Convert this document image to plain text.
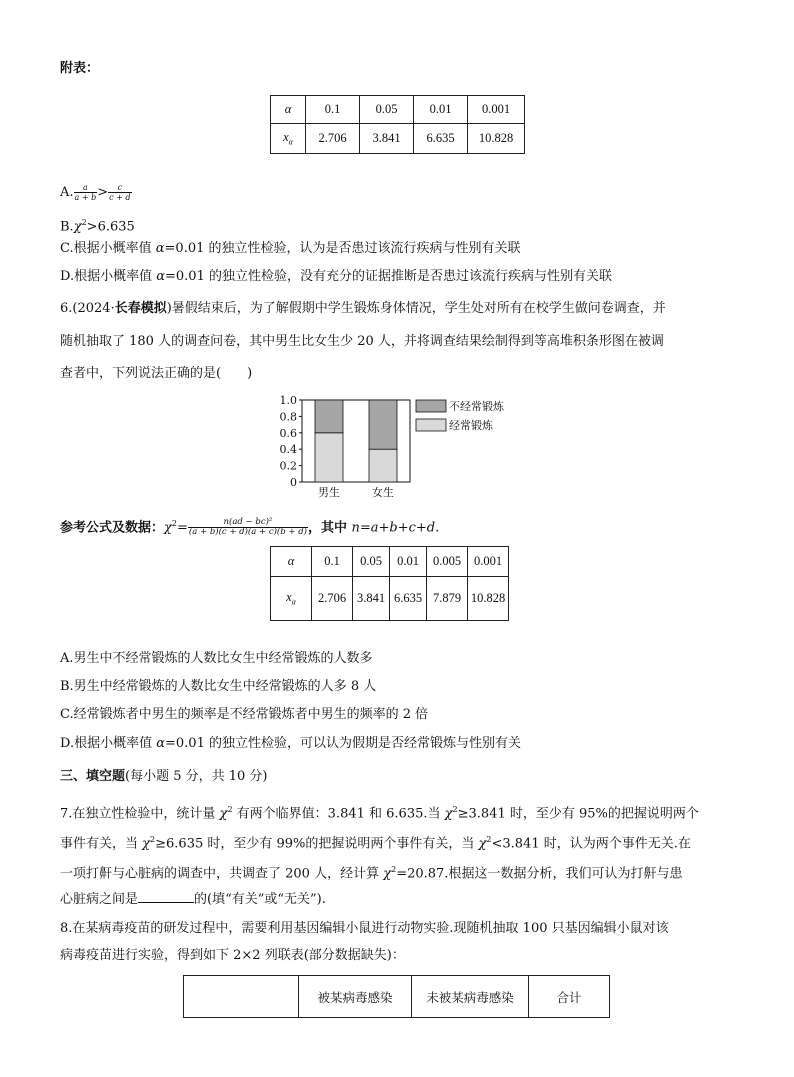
附表：
α	0.1	0.05	0.01	0.001
$x_\alpha$	2.706	3.841	6.635	10.828
A. $\frac{a}{a + b} > \frac{c}{c + d}$
$B.\chi^2>6.635$
C.根据小概率值 α=0.01 的独立性检验，认为是否患过该流行疾病与性别有关联
D.根据小概率值 α=0.01 的独立性检验，没有充分的证据推断是否患过该流行疾病与性别有关联
6.(2024·长春模拟)暑假结束后，为了解假期中学生锻炼身体情况，学生处对所有在校学生做问卷调查，并
随机抽取了 180 人的调查问卷，其中男生比女生少 20 人，并将调查结果绘制得到等高堆积条形图在被调
查者中，下列说法正确的是(　　)
0
0.2
0.4
0.6
0.8
1.0
男生	女生
不经常锻炼
经常锻炼
参考公式及数据：$\chi^2= \frac{\text{n(ad − bc)²}}{(a + b)(c + d)(a + c)(b + d)}$ ，其中 n=a+b+c+d.
α	0.1	0.05	0.01	0.005	0.001
$x_\alpha$	2.706	3.841	6.635	7.879	10.828
A.男生中不经常锻炼的人数比女生中经常锻炼的人数多
B.男生中经常锻炼的人数比女生中经常锻炼的人多 8 人
C.经常锻炼者中男生的频率是不经常锻炼者中男生的频率的 2 倍
D.根据小概率值 α=0.01 的独立性检验，可以认为假期是否经常锻炼与性别有关
三、填空题(每小题 5 分，共 10 分)
7.在独立性检验中，统计量 $\chi^2$ 有两个临界值：3.841 和 6.635.当 $\chi^2\ge 3.841$ 时，至少有 95%的把握说明两个
事件有关，当 $\chi^2\ge 6.635$ 时，至少有 99%的把握说明两个事件有关，当 $\chi^2<3.841$ 时，认为两个事件无关.在
一项打鼾与心脏病的调查中，共调查了 200 人，经计算 $\chi^2=20.87$.根据这一数据分析，我们可认为打鼾与患
心脏病之间是	的(填“有关”或“无关”).
8.在某病毒疫苗的研发过程中，需要利用基因编辑小鼠进行动物实验.现随机抽取 100 只基因编辑小鼠对该
病毒疫苗进行实验，得到如下 2×2 列联表(部分数据缺失)：
	被某病毒感染	未被某病毒感染	合计
